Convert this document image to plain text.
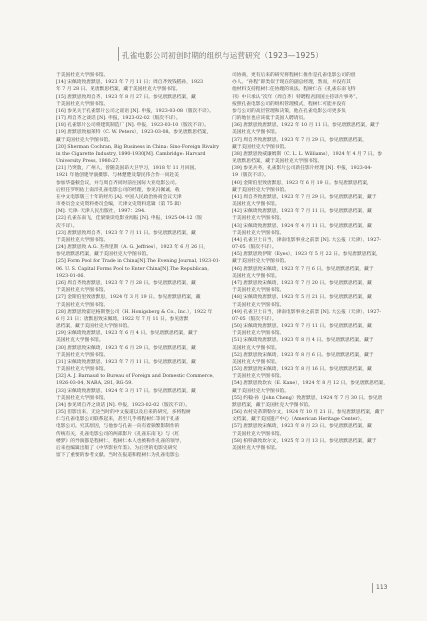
孔雀电影公司初创时期的组织与运营研究（1923—1925）
于美国杜克大学图书馆。
[14] 宋佩琦致唐默思，1923 年 7 月 11 日；周自齐致钱稻孙，1923
年 7 月 28 日。见唐默思档案，藏于美国杜克大学图书馆。
[15] 唐默思致周自齐，1923 年 8 月 27 日。参见唐默思档案，藏
于美国杜克大学图书馆。
[16] 参见关于孔雀影片公司之谣语 [N]. 申报，1923-03-08（版次不详）。
[17] 周自齐之谈话 [N]. 申报，1923-02-02（版次不详）。
[18] 孔雀影片公司将建筑制造厂 [N]. 申报，1923-03-10（版次不详）。
[19] 唐默思致福莱特（C. W. Peters），1923-03-08。参见唐默思档案，
藏于美国杜克大学图书馆。
[20] Sherman Cochran, Big Business in China: Sino-Foreign Rivalry
in the Cigarette Industry, 1890-1930[M]. Cambridge: Harvard
University Press, 1980:27.
[21] 乃突敦，广州人，曾随美国昂大卫学习，1918 年 11 月回国。
1921 年他创建导演摄影、与林楚楚及黎民伟合作一同赴美
参加华盛顿会议，并与周自齐同时前往国际大亚电影公司。
后担任罗明佑上南洋孔雀电影公司的经理，参见冯佩诚，载
在中文电影版三十年的经历 [A]. 中国人民政治协商会议天津
市委员会文史资料委员会编，天津文史资料选辑（第 75 辑）
[M]. 天津: 天津人民出版社，1997：294.
[22] 孔雀东南飞，佳梁梁读电影业闻报 [N]. 申报，1925-04-12（版
次不详）。
[23] 唐默思致周自齐，1923 年 7 月 11 日。参见唐默思档案，藏
于美国杜克大学图书馆。
[24] 唐默思致 A.G. 杰弗里斯（A. G. Jeffries），1923 年 6 月 26 日，
参见唐默思档案，藏于美国杜克大学图书馆。
[25] Form Pool for Trade in China[N].The Evening Journal, 1923-01-
06. U. S. Capital Forms Pool to Enter China[N].The Republican,
1923-01-06.
[26] 周自齐致唐默思，1923 年 7 月 28 日。参见唐默思档案，藏
于美国杜克大学图书馆。
[27] 金斯伯里致唐默思，1924 年 3 月 19 日。参见唐默思档案，藏
于美国杜克大学图书馆。
[28] 唐默思致霍尼格斯堡公司（H. Honigsberg & Co., Inc.），1922 年
6 月 21 日；唐默思致宋佩琦，1922 年 7 月 11 日。参见唐默
思档案，藏于美国杜克大学图书馆。
[29] 宋佩琦致唐默思，1923 年 6 月 4 日。参见唐默思档案，藏于
美国杜克大学图书馆。
[30] 唐默思致宋佩琦，1923 年 6 月 29 日。参见唐默思档案，藏
于美国杜克大学图书馆。
[31] 宋佩琦致唐默思，1923 年 7 月 11 日。参见唐默思档案，藏
于美国杜克大学图书馆。
[32] A. J. Barnaud to Bureau of Foreign and Domestic Commerce,
1926-03-04, NARA, 281, RG-59.
[33] 宋佩琦致唐默思，1924 年 3 月 17 日。参见唐默思档案，藏
于美国杜克大学图书馆。
[34] 参见周自齐之谈话 [N]. 申报，1923-02-02（版次不详）。
[35] 但影出来，无论当时的中文报道以及后来的研究，多将程树
仁与孔雀电影公司联系起来，甚至几乎将程树仁等同于孔雀
电影公司。究其原因，与他参与孔雀一向有着频繁影制作的
传统有关，孔雀电影公司的两部影片《孔雀东南飞》与《红
楼梦》的导演都是程树仁，程树仁本人也被称作孔雀的领导，
后来也编辑出版了《中华影业年鉴》。为后世的电影史研究
留下了重要的参考文献。当时在报道和程树仁为孔雀电影公
司协商，更有后来的研究将程树仁推作是孔雀电影公司的创
办人。“孙程”即类似于现在的副总经理，然而，并没有其
他材料支持程树仁任协理的说法。程树仁在《孔雀东南飞特
刊》中只承认“次年（周自齐）特聘程君润国主持译片事务”。
按照孔雀电影公司的组织管理模式，程树仁可能并没有
参与公司的高层管理和决策，他在孔雀电影公司更多负
门的地位也应该低于美国人聘请员。
[36] 唐默思致唐默思，1922 年 10 月 11 日。参见唐默思档案，藏于
美国杜克大学图书馆。
[37] 周自齐致唐默思，1923 年 7 月 29 日。参见唐默思档案，
藏于美国杜克大学图书馆。
[38] 唐默思致威廉姆斯（C. L. L. Williams），1924 年 4 月 7 日。参
见唐默思档案，藏于美国杜克大学图书馆。
[39] 参见兵务，孔雀影片公司新任影片经理 [N]. 申报，1923-04-
19（版次不详）。
[40] 金斯伯里致唐默思，1923 年 6 月 19 日。参见唐默思档案，
藏于美国杜克大学图书馆。
[41] 周自齐致唐默思，1923 年 7 月 29 日。参见唐默思档案，藏于
美国杜克大学图书馆。
[42] 宋佩琦致唐默思，1923 年 7 月 11 日。参见唐默思档案，藏
于美国杜克大学图书馆。
[43] 宋佩琦致唐默思，1924 年 4 月 11 日。参见唐默思档案，藏
于美国杜克大学图书馆。
[44] 孔雀卫士日当，津南电影事业之前景 [N]. 大公报（天津），1927-
07-05（版次不详）。
[45] 唐默思致伊斯（Eyes），1923 年 5 月 22 日。参见唐默思档案，
藏于美国杜克大学图书馆。
[46] 唐默思致宋佩琦，1923 年 7 月 6 日。参见唐默思档案，藏于
美国杜克大学图书馆。
[47] 唐默思致宋佩琦，1923 年 7 月 20 日。参见唐默思档案，藏
于美国杜克大学图书馆。
[48] 宋佩琦致唐默思，1923 年 5 月 21 日。参见唐默思档案，藏
于美国杜克大学图书馆。
[49] 孔雀卫士日当，津南电影事业之前景 [N]. 大公报（天津），1927-
07-05（版次不详）。
[50] 宋佩琦致唐默思，1923 年 7 月 11 日。参见唐默思档案，藏
于美国杜克大学图书馆。
[51] 宋佩琦致唐默思，1923 年 8 月 4 日。参见唐默思档案，藏于
美国杜克大学图书馆。
[52] 唐默思致宋佩琦，1923 年 8 月 6 日。参见唐默思档案，藏于
美国杜克大学图书馆。
[53] 唐默思致宋佩琦，1923 年 8 月 16 日。参见唐默思档案，藏
于美国杜克大学图书馆。
[54] 唐默思致坎农（E. Kane），1924 年 8 月 12 日。参见唐默思档案，
藏于美国杜克大学图书馆。
[55] 约翰·孙（John Cheng）致唐默思，1924 年 7 月 30 日。参见唐
默思档案，藏于美国杜克大学图书馆。
[56] 农村史蒂斯勒尔文，1924 年 10 月 21 日。参见唐默思档案，藏于
文档案，藏于美国遗产中心（American Heritage Center）。
[57] 唐默思致宋佩琦，1923 年 8 月 23 日。参见唐默思档案，藏
于美国杜克大学图书馆。
[58] 柏特森致坎尔文，1925 年 3 月 13 日。参见唐默思档案，藏于
美国杜克大学图书馆。
113
